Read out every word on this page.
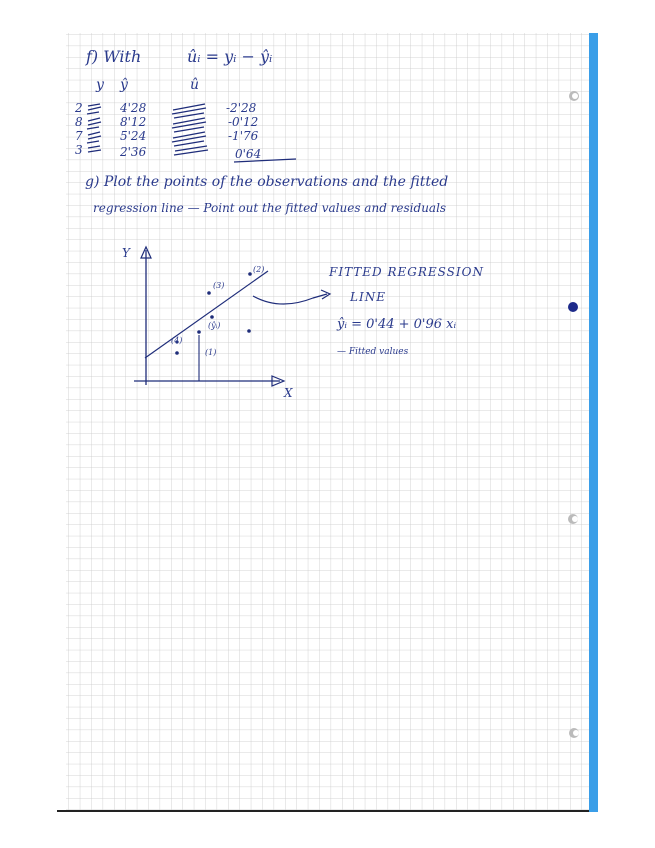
f) With	ûᵢ = yᵢ − ŷᵢ
y ŷ	û
2	4'28	-2'28
8	8'12	-0'12
7	5'24	-1'76
3	2'36	0'64
g) Plot the points of the observations and the fitted
regression line — Point out the fitted values and residuals
Y
X
(3)
(2)
(4)
(ŷᵢ)
(1)
FITTED REGRESSION
LINE
ŷᵢ = 0'44 + 0'96 xᵢ
— Fitted values
